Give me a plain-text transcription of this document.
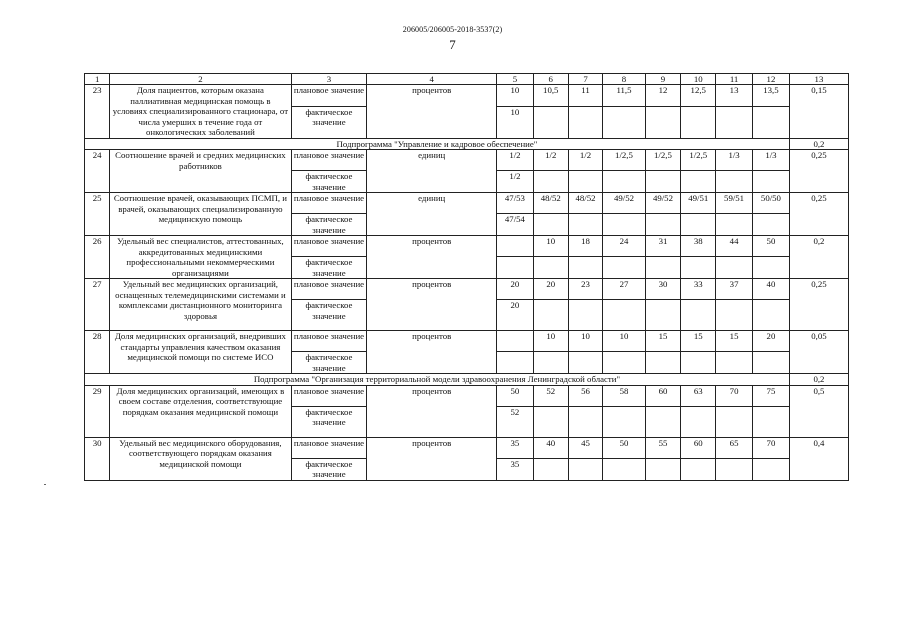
206005/206005-2018-3537(2)
7
1	2	3	4	5	6	7	8	9	10	11	12	13
23	Доля пациентов, которым оказана паллиативная медицинская помощь в условиях специализированного стационара, от числа умерших в течение года от онкологических заболеваний	плановое значение	процентов	10	10,5	11	11,5	12	12,5	13	13,5	0,15
		фактическое значение		10								
Подпрограмма "Управление и кадровое обеспечение"												0,2
24	Соотношение врачей и средних медицинских работников	плановое значение	единиц	1/2	1/2	1/2	1/2,5	1/2,5	1/2,5	1/3	1/3	0,25
		фактическое значение		1/2								
25	Соотношение врачей, оказывающих ПСМП, и врачей, оказывающих специализированную медицинскую помощь	плановое значение	единиц	47/53	48/52	48/52	49/52	49/52	49/51	59/51	50/50	0,25
		фактическое значение		47/54								
26	Удельный вес специалистов, аттестованных, аккредитованных медицинскими профессиональными некоммерческими организациями	плановое значение	процентов		10	18	24	31	38	44	50	0,2
		фактическое значение										
27	Удельный вес медицинских организаций, оснащенных телемедицинскими системами и комплексами дистанционного мониторинга здоровья	плановое значение	процентов	20	20	23	27	30	33	37	40	0,25
		фактическое значение		20								
28	Доля медицинских организаций, внедривших стандарты управления качеством оказания медицинской помощи по системе ИСО	плановое значение	процентов		10	10	10	15	15	15	20	0,05
		фактическое значение										
Подпрограмма "Организация территориальной модели здравоохранения Ленинградской области"												0,2
29	Доля медицинских организаций, имеющих в своем составе отделения, соответствующие порядкам оказания медицинской помощи	плановое значение	процентов	50	52	56	58	60	63	70	75	0,5
		фактическое значение		52								
30	Удельный вес медицинского оборудования, соответствующего порядкам оказания медицинской помощи	плановое значение	процентов	35	40	45	50	55	60	65	70	0,4
		фактическое значение		35								
